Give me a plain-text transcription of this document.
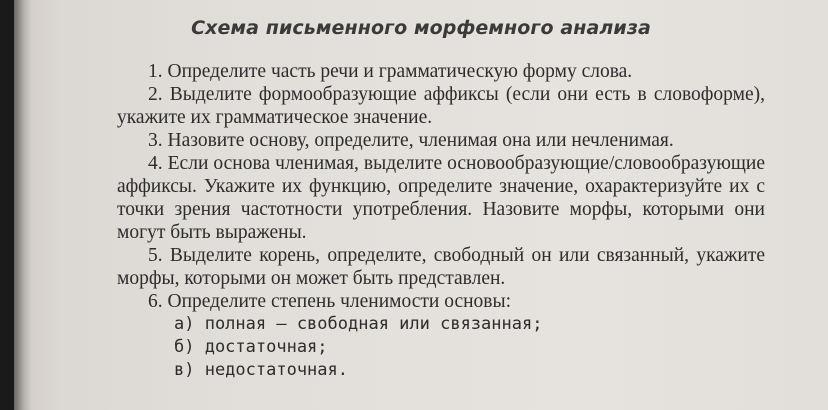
Схема письменного морфемного анализа

1. Определите часть речи и грамматическую форму слова.

2. Выделите формообразующие аффиксы (если они есть в словоформе), укажите их грамматическое значение.

3. Назовите основу, определите, членимая она или нечленимая.

4. Если основа членимая, выделите основообразующие/словообразующие аффиксы. Укажите их функцию, определите значение, охарактеризуйте их с точки зрения частотности употребления. Назовите морфы, которыми они могут быть выражены.

5. Выделите корень, определите, свободный он или связанный, укажите морфы, которыми он может быть представлен.

6. Определите степень членимости основы:

а) полная — свободная или связанная;

б) достаточная;

в) недостаточная.
